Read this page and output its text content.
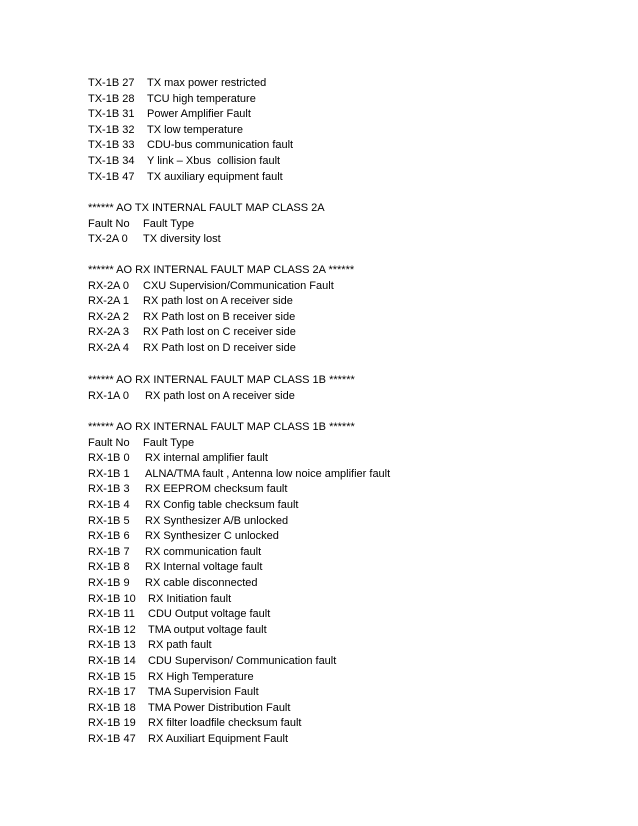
TX-1B 27 TX max power restricted
TX-1B 28 TCU high temperature
TX-1B 31 Power Amplifier Fault
TX-1B 32 TX low temperature
TX-1B 33 CDU-bus communication fault
TX-1B 34 Y link – Xbus  collision fault
TX-1B 47 TX auxiliary equipment fault
****** AO TX INTERNAL FAULT MAP CLASS 2A
Fault No Fault Type
TX-2A 0 TX diversity lost
****** AO RX INTERNAL FAULT MAP CLASS 2A ******
RX-2A 0 CXU Supervision/Communication Fault
RX-2A 1 RX path lost on A receiver side
RX-2A 2 RX Path lost on B receiver side
RX-2A 3 RX Path lost on C receiver side
RX-2A 4 RX Path lost on D receiver side
****** AO RX INTERNAL FAULT MAP CLASS 1B ******
RX-1A 0 RX path lost on A receiver side
****** AO RX INTERNAL FAULT MAP CLASS 1B ******
Fault No Fault Type
RX-1B 0 RX internal amplifier fault
RX-1B 1 ALNA/TMA fault , Antenna low noice amplifier fault
RX-1B 3 RX EEPROM checksum fault
RX-1B 4 RX Config table checksum fault
RX-1B 5 RX Synthesizer A/B unlocked
RX-1B 6 RX Synthesizer C unlocked
RX-1B 7 RX communication fault
RX-1B 8 RX Internal voltage fault
RX-1B 9 RX cable disconnected
RX-1B 10 RX Initiation fault
RX-1B 11 CDU Output voltage fault
RX-1B 12 TMA output voltage fault
RX-1B 13 RX path fault
RX-1B 14 CDU Supervison/ Communication fault
RX-1B 15 RX High Temperature
RX-1B 17 TMA Supervision Fault
RX-1B 18 TMA Power Distribution Fault
RX-1B 19 RX filter loadfile checksum fault
RX-1B 47 RX Auxiliart Equipment Fault
